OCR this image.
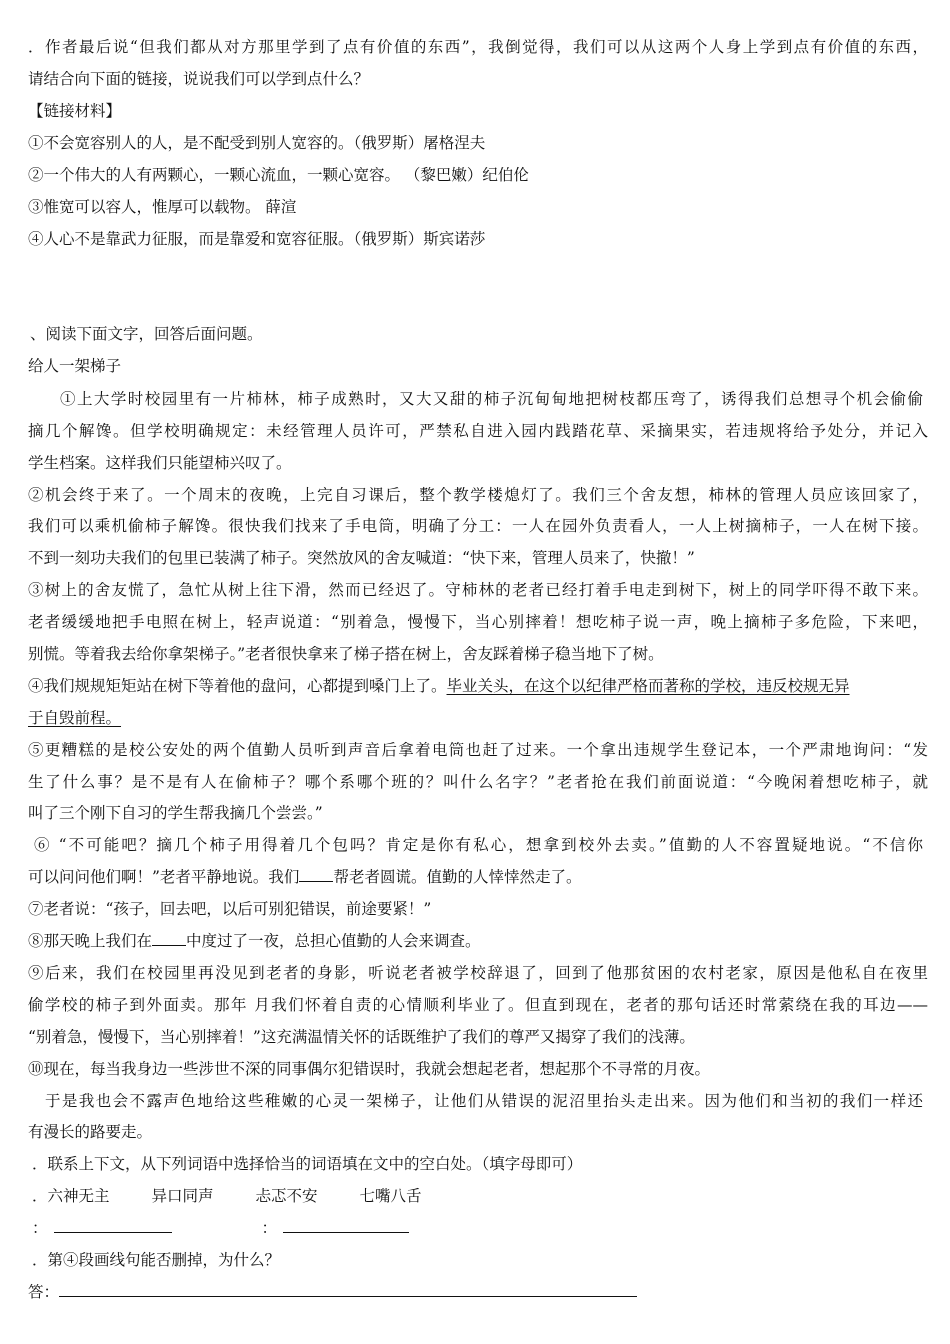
．作者最后说“但我们都从对方那里学到了点有价值的东西”，我倒觉得，我们可以从这两个人身上学到点有价值的东西，
请结合向下面的链接，说说我们可以学到点什么？
【链接材料】
①不会宽容别人的人，是不配受到别人宽容的。（俄罗斯）屠格涅夫
②一个伟大的人有两颗心，一颗心流血，一颗心宽容。 （黎巴嫩）纪伯伦
③惟宽可以容人，惟厚可以载物。 薛渲
④人心不是靠武力征服，而是靠爱和宽容征服。（俄罗斯）斯宾诺莎
、阅读下面文字，回答后面问题。
给人一架梯子
①上大学时校园里有一片柿林，柿子成熟时，又大又甜的柿子沉甸甸地把树枝都压弯了，诱得我们总想寻个机会偷偷
摘几个解馋。但学校明确规定：未经管理人员许可，严禁私自进入园内践踏花草、采摘果实，若违规将给予处分，并记入
学生档案。这样我们只能望柿兴叹了。
②机会终于来了。一个周末的夜晚，上完自习课后，整个教学楼熄灯了。我们三个舍友想，柿林的管理人员应该回家了，
我们可以乘机偷柿子解馋。很快我们找来了手电筒，明确了分工：一人在园外负责看人，一人上树摘柿子，一人在树下接。
不到一刻功夫我们的包里已装满了柿子。突然放风的舍友喊道：“快下来，管理人员来了，快撤！”
③树上的舍友慌了，急忙从树上往下滑，然而已经迟了。守柿林的老者已经打着手电走到树下，树上的同学吓得不敢下来。
老者缓缓地把手电照在树上，轻声说道：“别着急，慢慢下，当心别摔着！想吃柿子说一声，晚上摘柿子多危险，下来吧，
别慌。等着我去给你拿架梯子。”老者很快拿来了梯子搭在树上，舍友踩着梯子稳当地下了树。
④我们规规矩矩站在树下等着他的盘问，心都提到嗓门上了。毕业关头，在这个以纪律严格而著称的学校，违反校规无异
于自毁前程。
⑤更糟糕的是校公安处的两个值勤人员听到声音后拿着电筒也赶了过来。一个拿出违规学生登记本，一个严肃地询问：“发
生了什么事？是不是有人在偷柿子？哪个系哪个班的？叫什么名字？”老者抢在我们前面说道：“今晚闲着想吃柿子，就
叫了三个刚下自习的学生帮我摘几个尝尝。”
⑥ “不可能吧？摘几个柿子用得着几个包吗？肯定是你有私心，想拿到校外去卖。”值勤的人不容置疑地说。“不信你
可以问问他们啊！”老者平静地说。我们 帮老者圆谎。值勤的人悻悻然走了。
⑦老者说：“孩子，回去吧，以后可别犯错误，前途要紧！”
⑧那天晚上我们在 中度过了一夜，总担心值勤的人会来调查。
⑨后来，我们在校园里再没见到老者的身影，听说老者被学校辞退了，回到了他那贫困的农村老家，原因是他私自在夜里
偷学校的柿子到外面卖。那年 月我们怀着自责的心情顺利毕业了。但直到现在，老者的那句话还时常萦绕在我的耳边——
“别着急，慢慢下，当心别摔着！”这充满温情关怀的话既维护了我们的尊严又揭穿了我们的浅薄。
⑩现在，每当我身边一些涉世不深的同事偶尔犯错误时，我就会想起老者，想起那个不寻常的月夜。
于是我也会不露声色地给这些稚嫩的心灵一架梯子，让他们从错误的泥沼里抬头走出来。因为他们和当初的我们一样还
有漫长的路要走。
．联系上下文，从下列词语中选择恰当的词语填在文中的空白处。（填字母即可）
．六神无主	异口同声	忐忑不安	七嘴八舌
：	：
．第④段画线句能否删掉，为什么？
答：
